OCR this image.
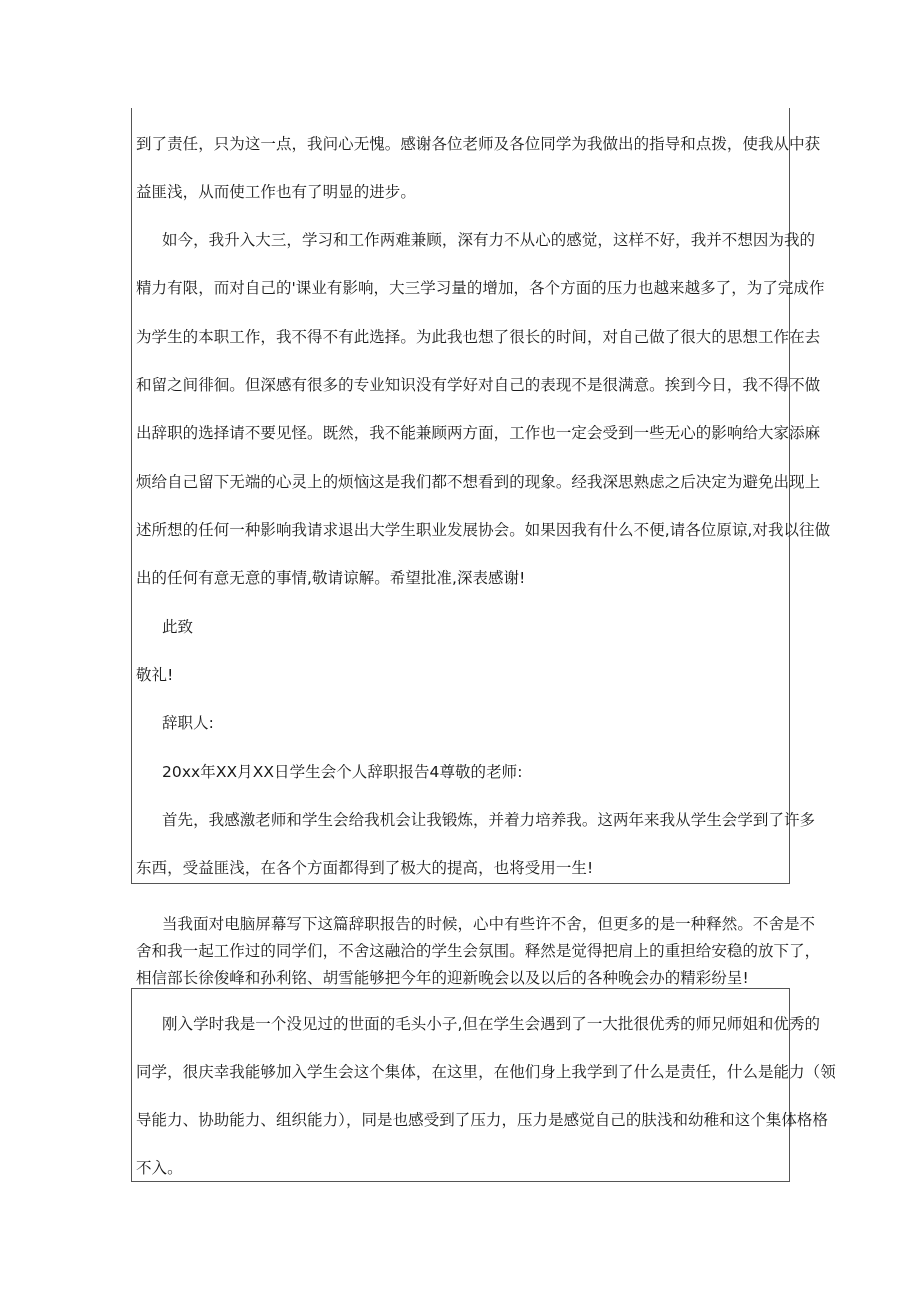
到了责任，只为这一点，我问心无愧。感谢各位老师及各位同学为我做出的指导和点拨，使我从中获
益匪浅，从而使工作也有了明显的进步。
如今，我升入大三，学习和工作两难兼顾，深有力不从心的感觉，这样不好，我并不想因为我的
精力有限，而对自己的'课业有影响，大三学习量的增加，各个方面的压力也越来越多了，为了完成作
为学生的本职工作，我不得不有此选择。为此我也想了很长的时间，对自己做了很大的思想工作在去
和留之间徘徊。但深感有很多的专业知识没有学好对自己的表现不是很满意。挨到今日，我不得不做
出辞职的选择请不要见怪。既然，我不能兼顾两方面，工作也一定会受到一些无心的影响给大家添麻
烦给自己留下无端的心灵上的烦恼这是我们都不想看到的现象。经我深思熟虑之后决定为避免出现上
述所想的任何一种影响我请求退出大学生职业发展协会。如果因我有什么不便,请各位原谅,对我以往做
出的任何有意无意的事情,敬请谅解。希望批准,深表感谢!
此致
敬礼!
辞职人:
20xx年XX月XX日学生会个人辞职报告4尊敬的老师:
首先，我感激老师和学生会给我机会让我锻炼，并着力培养我。这两年来我从学生会学到了许多
东西，受益匪浅，在各个方面都得到了极大的提高，也将受用一生!
当我面对电脑屏幕写下这篇辞职报告的时候，心中有些许不舍，但更多的是一种释然。不舍是不
舍和我一起工作过的同学们，不舍这融洽的学生会氛围。释然是觉得把肩上的重担给安稳的放下了，
相信部长徐俊峰和孙利铭、胡雪能够把今年的迎新晚会以及以后的各种晚会办的精彩纷呈!
刚入学时我是一个没见过的世面的毛头小子,但在学生会遇到了一大批很优秀的师兄师姐和优秀的
同学，很庆幸我能够加入学生会这个集体，在这里，在他们身上我学到了什么是责任，什么是能力（领
导能力、协助能力、组织能力），同是也感受到了压力，压力是感觉自己的肤浅和幼稚和这个集体格格
不入。
